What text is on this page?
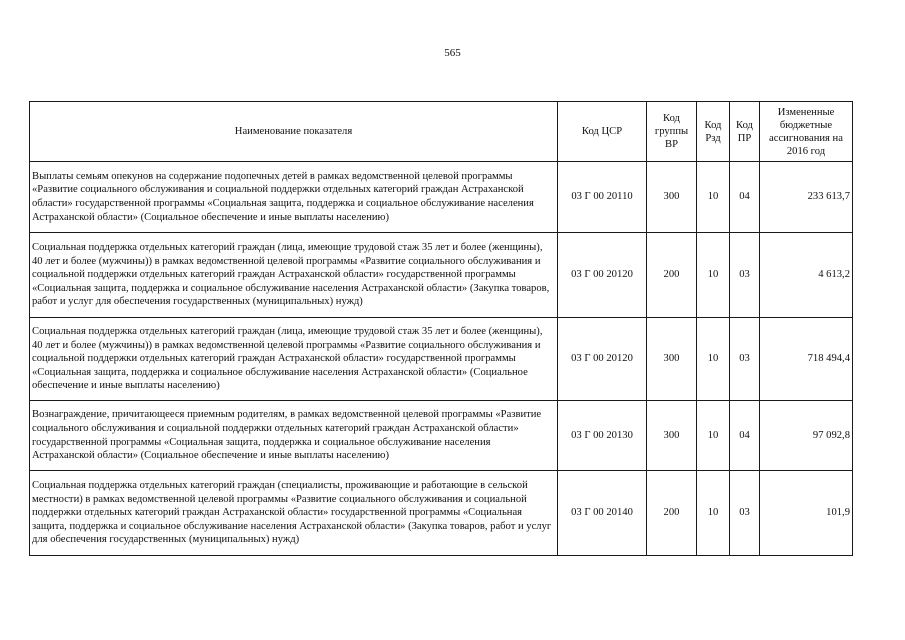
565
Наименование показателя	Код ЦСР	Код группы ВР	Код Рзд	Код ПР	Измененные бюджетные ассигнования на 2016 год
Выплаты семьям опекунов на содержание подопечных детей в рамках ведомственной целевой программы «Развитие социального обслуживания и социальной поддержки отдельных категорий граждан Астраханской области» государственной программы «Социальная защита, поддержка и социальное обслуживание населения Астраханской области» (Социальное обеспечение и иные выплаты населению)	03 Г 00 20110	300	10	04	233 613,7
Социальная поддержка отдельных категорий граждан (лица, имеющие трудовой стаж 35 лет и более (женщины), 40 лет и более (мужчины)) в рамках ведомственной целевой программы «Развитие социального обслуживания и социальной поддержки отдельных категорий граждан Астраханской области» государственной программы «Социальная защита, поддержка и социальное обслуживание населения Астраханской области» (Закупка товаров, работ и услуг для обеспечения государственных (муниципальных) нужд)	03 Г 00 20120	200	10	03	4 613,2
Социальная поддержка отдельных категорий граждан (лица, имеющие трудовой стаж 35 лет и более (женщины), 40 лет и более (мужчины)) в рамках ведомственной целевой программы «Развитие социального обслуживания и социальной поддержки отдельных категорий граждан Астраханской области» государственной программы «Социальная защита, поддержка и социальное обслуживание населения Астраханской области» (Социальное обеспечение и иные выплаты населению)	03 Г 00 20120	300	10	03	718 494,4
Вознаграждение, причитающееся приемным родителям, в рамках ведомственной целевой программы «Развитие социального обслуживания и социальной поддержки отдельных категорий граждан Астраханской области» государственной программы «Социальная защита, поддержка и социальное обслуживание населения Астраханской области» (Социальное обеспечение и иные выплаты населению)	03 Г 00 20130	300	10	04	97 092,8
Социальная поддержка отдельных категорий граждан (специалисты, проживающие и работающие в сельской местности) в рамках ведомственной целевой программы «Развитие социального обслуживания и социальной поддержки отдельных категорий граждан Астраханской области» государственной программы «Социальная защита, поддержка и социальное обслуживание населения Астраханской области» (Закупка товаров, работ и услуг для обеспечения государственных (муниципальных) нужд)	03 Г 00 20140	200	10	03	101,9
